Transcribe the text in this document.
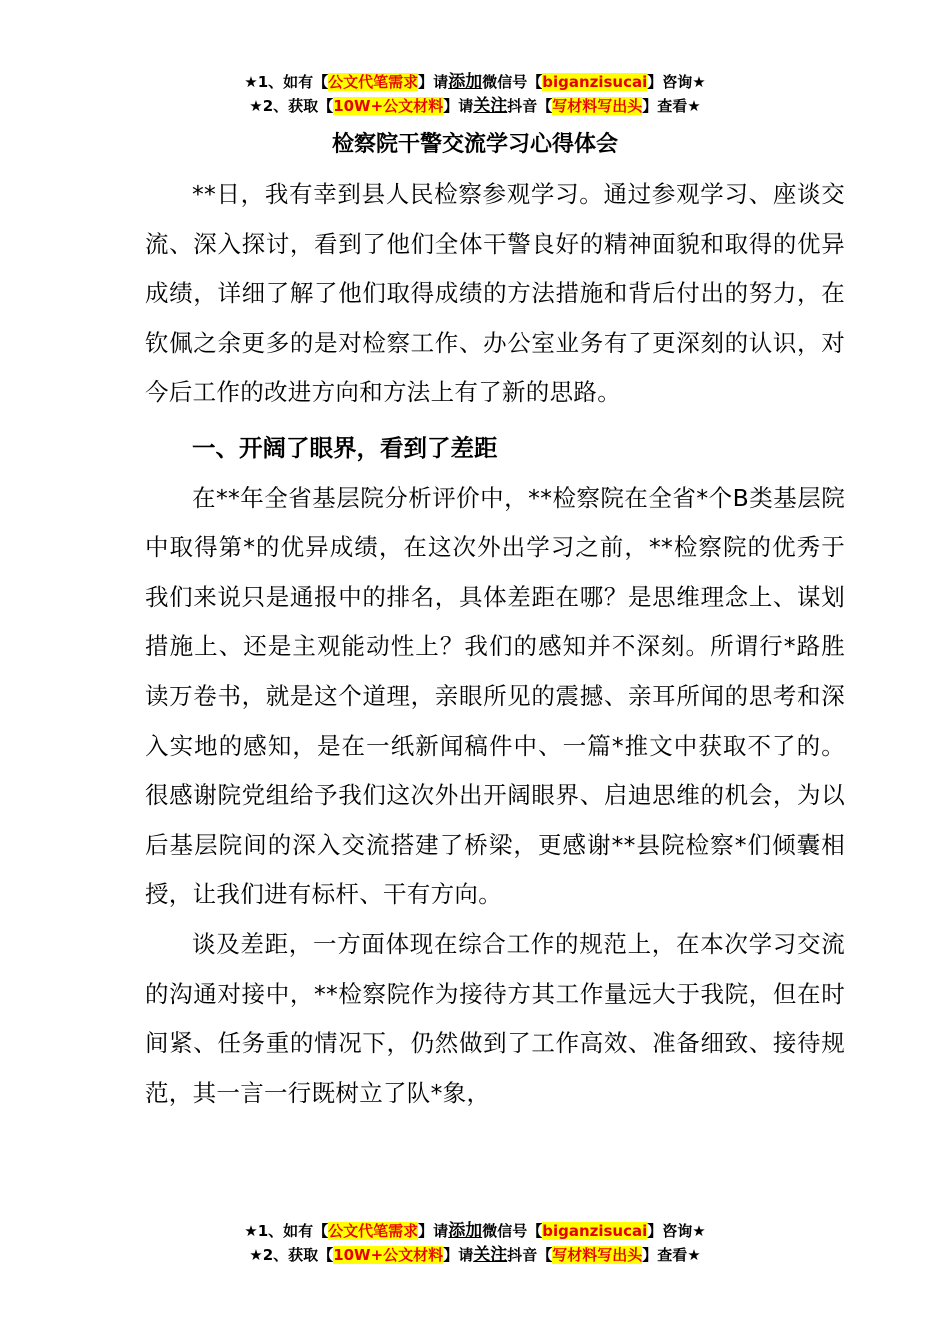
★1、如有【公文代笔需求】请添加微信号【biganzisucai】咨询★
★2、获取【10W+公文材料】请关注抖音【写材料写出头】查看★
检察院干警交流学习心得体会

**日，我有幸到县人民检察参观学习。通过参观学习、座谈交流、深入探讨，看到了他们全体干警良好的精神面貌和取得的优异成绩，详细了解了他们取得成绩的方法措施和背后付出的努力，在钦佩之余更多的是对检察工作、办公室业务有了更深刻的认识，对今后工作的改进方向和方法上有了新的思路。

一、开阔了眼界，看到了差距

在**年全省基层院分析评价中，**检察院在全省*个B类基层院中取得第*的优异成绩，在这次外出学习之前，**检察院的优秀于我们来说只是通报中的排名，具体差距在哪？是思维理念上、谋划措施上、还是主观能动性上？我们的感知并不深刻。所谓行*路胜读万卷书，就是这个道理，亲眼所见的震撼、亲耳所闻的思考和深入实地的感知，是在一纸新闻稿件中、一篇*推文中获取不了的。很感谢院党组给予我们这次外出开阔眼界、启迪思维的机会，为以后基层院间的深入交流搭建了桥梁，更感谢**县院检察*们倾囊相授，让我们进有标杆、干有方向。

谈及差距，一方面体现在综合工作的规范上，在本次学习交流的沟通对接中，**检察院作为接待方其工作量远大于我院，但在时间紧、任务重的情况下，仍然做到了工作高效、准备细致、接待规范，其一言一行既树立了队*象，

★1、如有【公文代笔需求】请添加微信号【biganzisucai】咨询★
★2、获取【10W+公文材料】请关注抖音【写材料写出头】查看★
